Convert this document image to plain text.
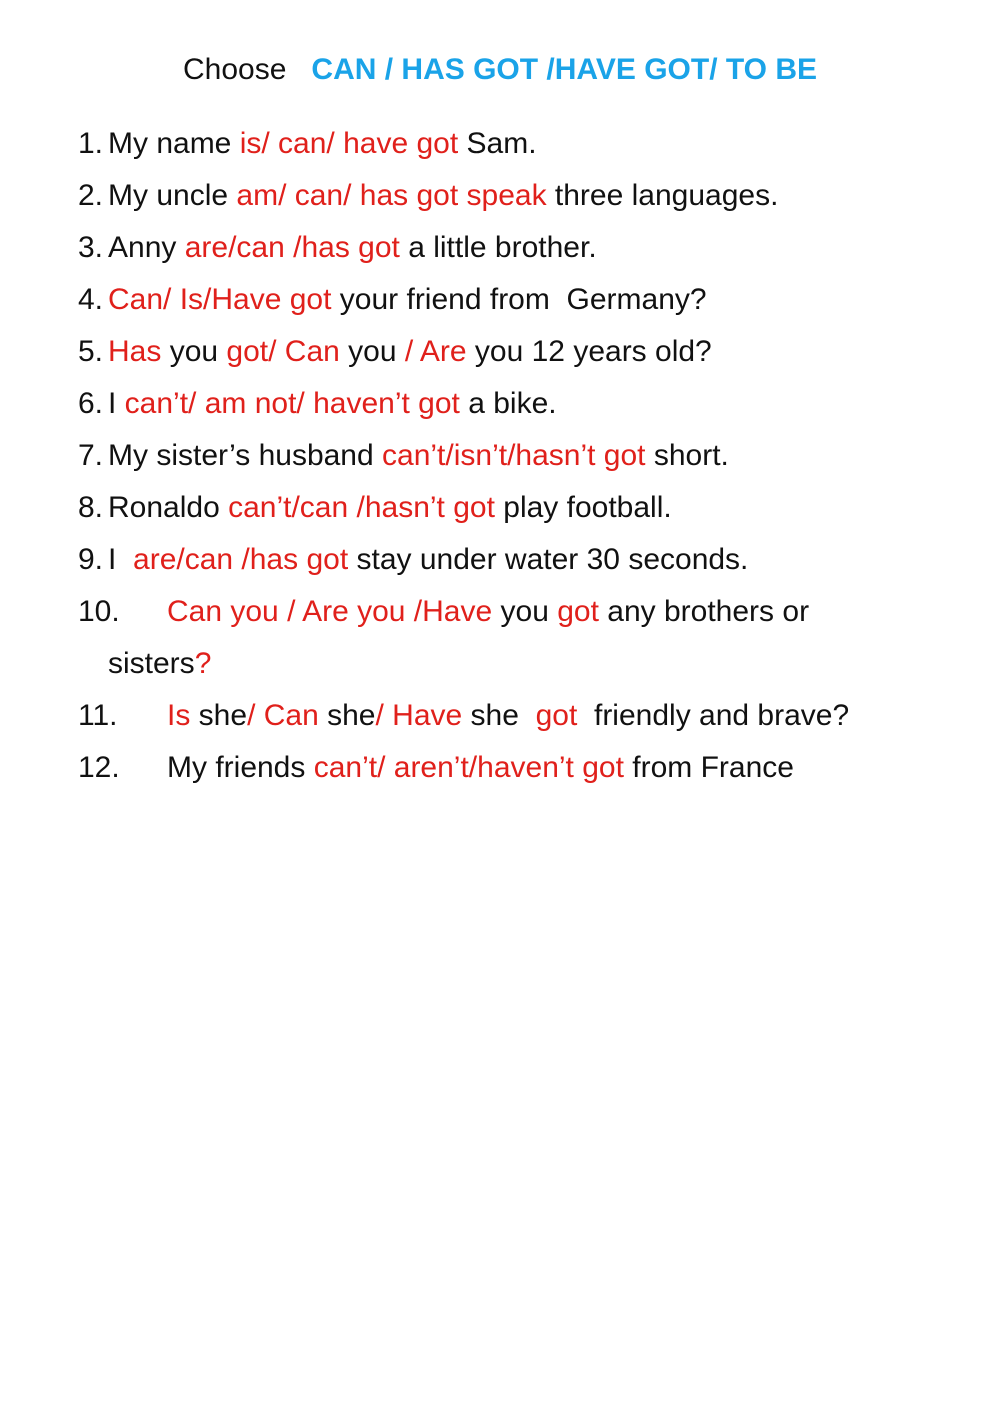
Choose CAN / HAS GOT /HAVE GOT/ TO BE
1. My name is/ can/ have got Sam.
2. My uncle am/ can/ has got speak three languages.
3. Anny are/can /has got a little brother.
4. Can/ Is/Have got your friend from  Germany?
5. Has you got/ Can you / Are you 12 years old?
6. I can’t/ am not/ haven’t got a bike.
7. My sister’s husband can’t/isn’t/hasn’t got short.
8. Ronaldo can’t/can /hasn’t got play football.
9. I  are/can /has got stay under water 30 seconds.
10.	Can you / Are you /Have you got any brothers or
sisters?
11.	Is she/ Can she/ Have she  got  friendly and brave?
12.	My friends can’t/ aren’t/haven’t got from France
